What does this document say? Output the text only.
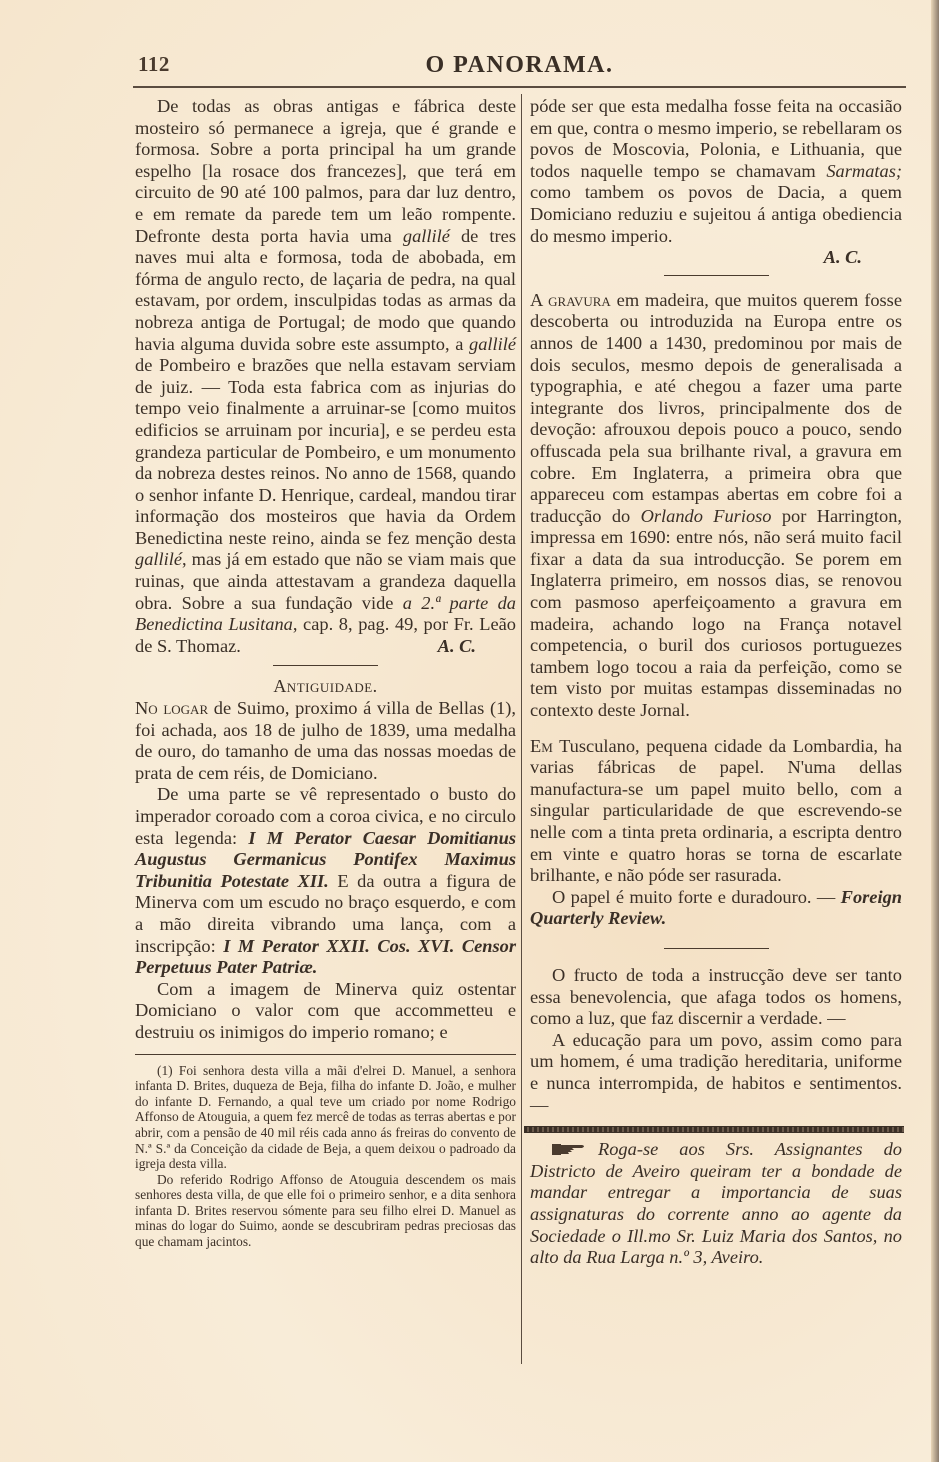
112	O PANORAMA.

De todas as obras antigas e fábrica deste mosteiro só permanece a igreja, que é grande e formosa. Sobre a porta principal ha um grande espelho [la rosace dos francezes], que terá em circuito de 90 até 100 palmos, para dar luz dentro, e em remate da parede tem um leão rompente. Defronte desta porta havia uma gallilé de tres naves mui alta e formosa, toda de abobada, em fórma de angulo recto, de laçaria de pedra, na qual estavam, por ordem, insculpidas todas as armas da nobreza antiga de Portugal; de modo que quando havia alguma duvida sobre este assumpto, a gallilé de Pombeiro e brazões que nella estavam serviam de juiz. — Toda esta fabrica com as injurias do tempo veio finalmente a arruinar-se [como muitos edificios se arruinam por incuria], e se perdeu esta grandeza particular de Pombeiro, e um monumento da nobreza destes reinos. No anno de 1568, quando o senhor infante D. Henrique, cardeal, mandou tirar informação dos mosteiros que havia da Ordem Benedictina neste reino, ainda se fez menção desta gallilé, mas já em estado que não se viam mais que ruinas, que ainda attestavam a grandeza daquella obra. Sobre a sua fundação vide a 2.ª parte da Benedictina Lusitana, cap. 8, pag. 49, por Fr. Leão de S. Thomaz.	A. C.

Antiguidade.

No logar de Suimo, proximo á villa de Bellas (1), foi achada, aos 18 de julho de 1839, uma medalha de ouro, do tamanho de uma das nossas moedas de prata de cem réis, de Domiciano.

De uma parte se vê representado o busto do imperador coroado com a coroa civica, e no circulo esta legenda: I M Perator Caesar Domitianus Augustus Germanicus Pontifex Maximus Tribunitia Potestate XII. E da outra a figura de Minerva com um escudo no braço esquerdo, e com a mão direita vibrando uma lança, com a inscripção: I M Perator XXII. Cos. XVI. Censor Perpetuus Pater Patriæ.

Com a imagem de Minerva quiz ostentar Domiciano o valor com que accommetteu e destruiu os inimigos do imperio romano; e

(1) Foi senhora desta villa a mãi d'elrei D. Manuel, a senhora infanta D. Brites, duqueza de Beja, filha do infante D. João, e mulher do infante D. Fernando, a qual teve um criado por nome Rodrigo Affonso de Atouguia, a quem fez mercê de todas as terras abertas e por abrir, com a pensão de 40 mil réis cada anno ás freiras do convento de N.ª S.ª da Conceição da cidade de Beja, a quem deixou o padroado da igreja desta villa.

Do referido Rodrigo Affonso de Atouguia descendem os mais senhores desta villa, de que elle foi o primeiro senhor, e a dita senhora infanta D. Brites reservou sómente para seu filho elrei D. Manuel as minas do logar do Suimo, aonde se descubriram pedras preciosas das que chamam jacintos.

póde ser que esta medalha fosse feita na occasião em que, contra o mesmo imperio, se rebellaram os povos de Moscovia, Polonia, e Lithuania, que todos naquelle tempo se chamavam Sarmatas; como tambem os povos de Dacia, a quem Domiciano reduziu e sujeitou á antiga obediencia do mesmo imperio.

A. C.

A gravura em madeira, que muitos querem fosse descoberta ou introduzida na Europa entre os annos de 1400 a 1430, predominou por mais de dois seculos, mesmo depois de generalisada a typographia, e até chegou a fazer uma parte integrante dos livros, principalmente dos de devoção: afrouxou depois pouco a pouco, sendo offuscada pela sua brilhante rival, a gravura em cobre. Em Inglaterra, a primeira obra que appareceu com estampas abertas em cobre foi a traducção do Orlando Furioso por Harrington, impressa em 1690: entre nós, não será muito facil fixar a data da sua introducção. Se porem em Inglaterra primeiro, em nossos dias, se renovou com pasmoso aperfeiçoamento a gravura em madeira, achando logo na França notavel competencia, o buril dos curiosos portuguezes tambem logo tocou a raia da perfeição, como se tem visto por muitas estampas disseminadas no contexto deste Jornal.

Em Tusculano, pequena cidade da Lombardia, ha varias fábricas de papel. N'uma dellas manufactura-se um papel muito bello, com a singular particularidade de que escrevendo-se nelle com a tinta preta ordinaria, a escripta dentro em vinte e quatro horas se torna de escarlate brilhante, e não póde ser rasurada.

O papel é muito forte e duradouro. — Foreign Quarterly Review.

O fructo de toda a instrucção deve ser tanto essa benevolencia, que afaga todos os homens, como a luz, que faz discernir a verdade. —

A educação para um povo, assim como para um homem, é uma tradição hereditaria, uniforme e nunca interrompida, de habitos e sentimentos. —

Roga-se aos Srs. Assignantes do Districto de Aveiro queiram ter a bondade de mandar entregar a importancia de suas assignaturas do corrente anno ao agente da Sociedade o Ill.mo Sr. Luiz Maria dos Santos, no alto da Rua Larga n.º 3, Aveiro.
